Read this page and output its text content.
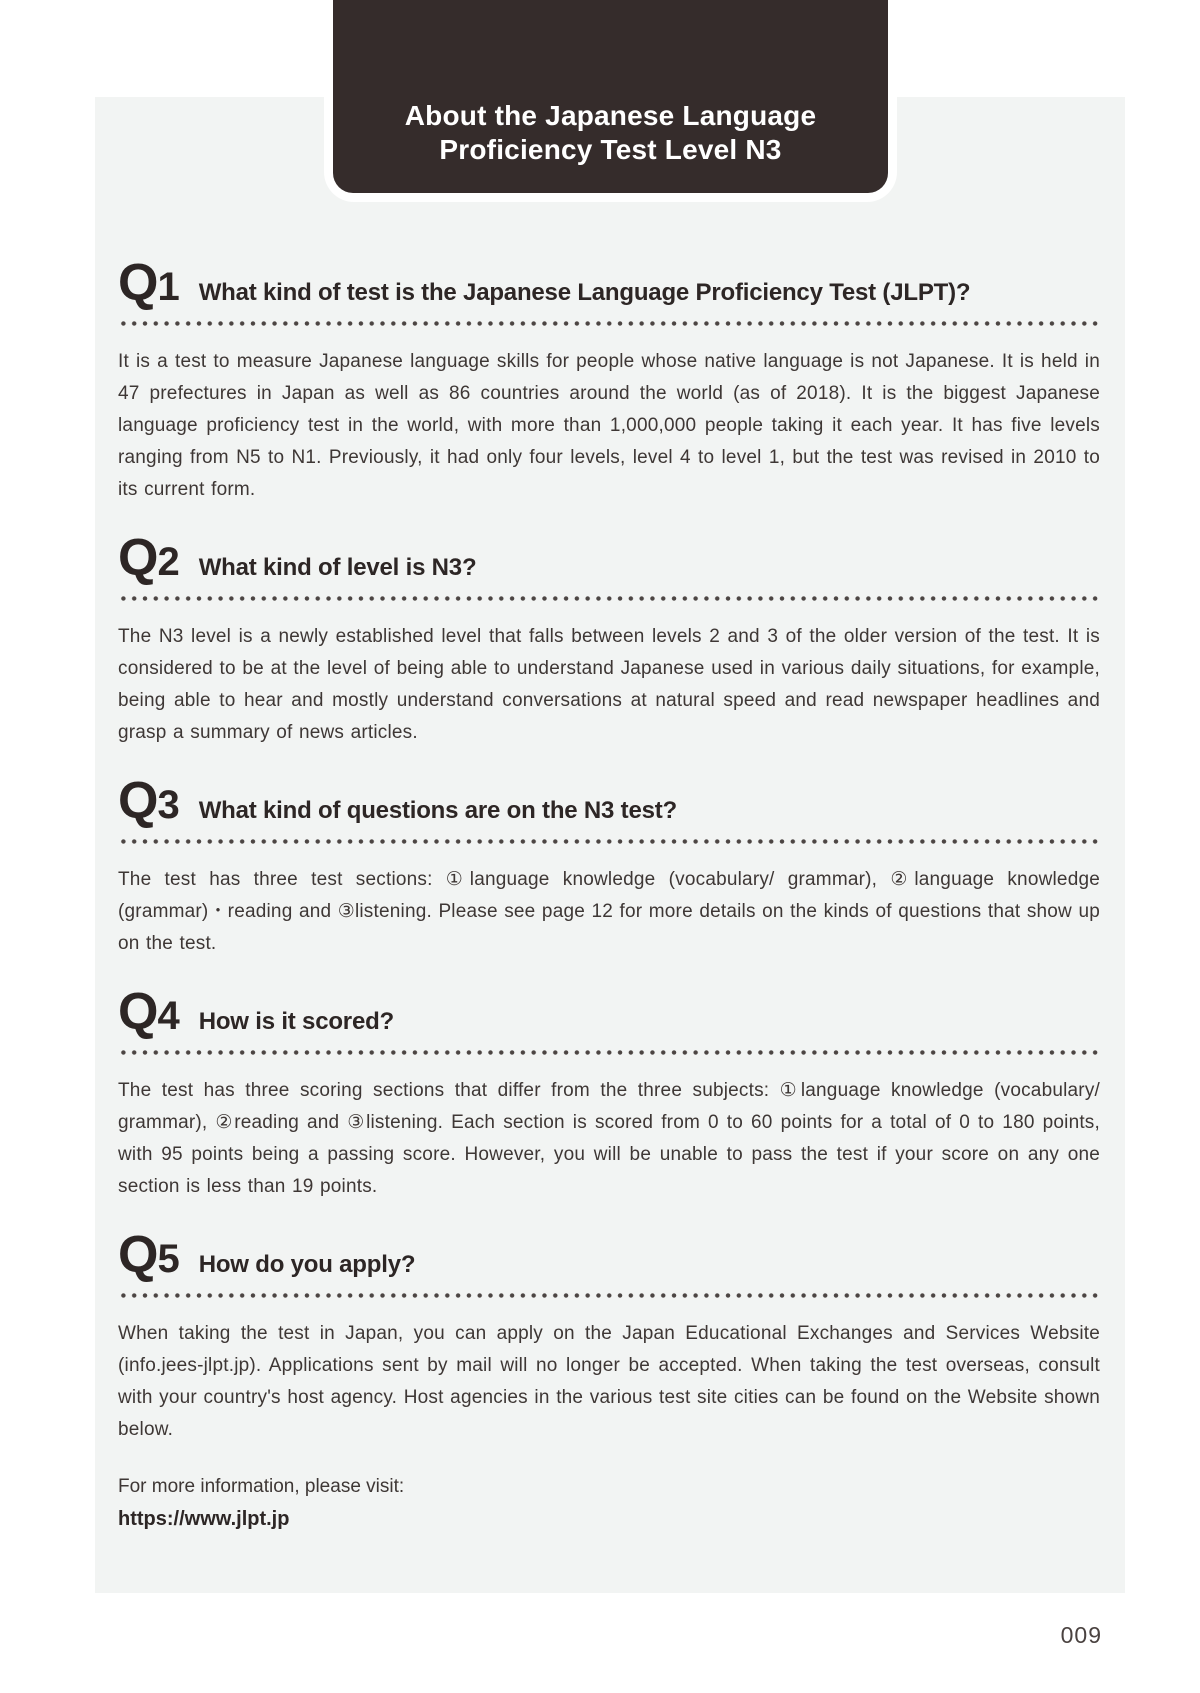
Q1 What kind of test is the Japanese Language Proficiency Test (JLPT)?

It is a test to measure Japanese language skills for people whose native language is not Japanese. It is held in 47 prefectures in Japan as well as 86 countries around the world (as of 2018). It is the biggest Japanese language proficiency test in the world, with more than 1,000,000 people taking it each year. It has five levels ranging from N5 to N1. Previously, it had only four levels, level 4 to level 1, but the test was revised in 2010 to its current form.

Q2 What kind of level is N3?

The N3 level is a newly established level that falls between levels 2 and 3 of the older version of the test. It is considered to be at the level of being able to understand Japanese used in various daily situations, for example, being able to hear and mostly understand conversations at natural speed and read newspaper headlines and grasp a summary of news articles.

Q3 What kind of questions are on the N3 test?

The test has three test sections: ①language knowledge (vocabulary/ grammar), ②language knowledge (grammar)・reading and ③listening. Please see page 12 for more details on the kinds of questions that show up on the test.

Q4 How is it scored?

The test has three scoring sections that differ from the three subjects: ①language knowledge (vocabulary/ grammar), ②reading and ③listening. Each section is scored from 0 to 60 points for a total of 0 to 180 points, with 95 points being a passing score. However, you will be unable to pass the test if your score on any one section is less than 19 points.

Q5 How do you apply?

When taking the test in Japan, you can apply on the Japan Educational Exchanges and Services Website (info.jees-jlpt.jp). Applications sent by mail will no longer be accepted. When taking the test overseas, consult with your country's host agency. Host agencies in the various test site cities can be found on the Website shown below.

For more information, please visit:
https://www.jlpt.jp
About the Japanese Language
Proficiency Test Level N3
009
